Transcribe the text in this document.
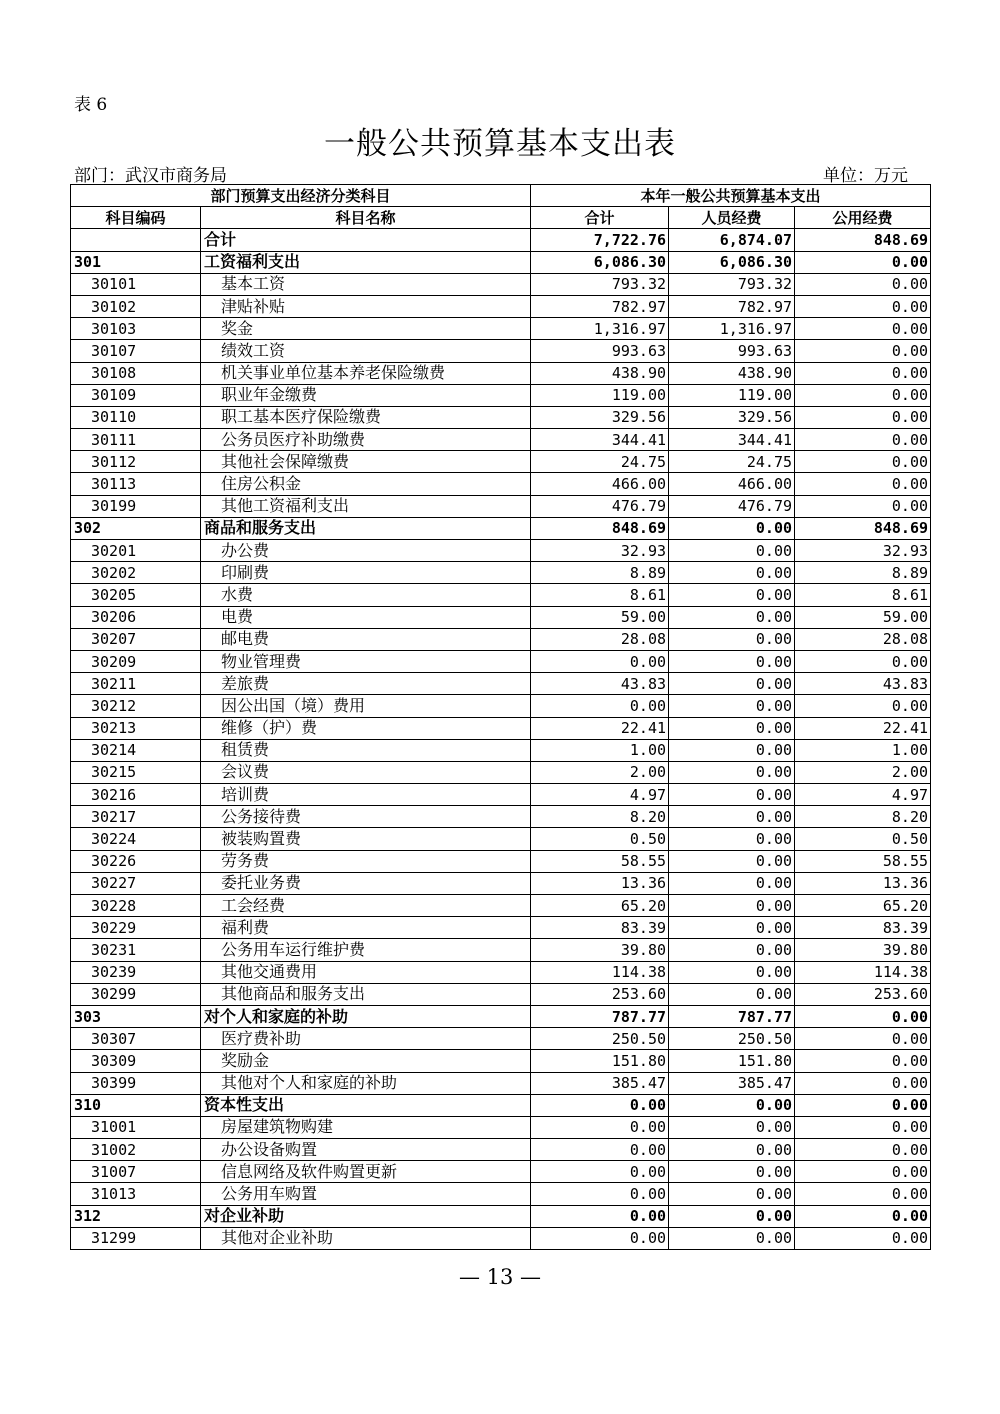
表 6
一般公共预算基本支出表
部门：武汉市商务局	单位：万元
部门预算支出经济分类科目		本年一般公共预算基本支出		
科目编码	科目名称	合计	人员经费	公用经费
	合计	7,722.76	6,874.07	848.69
301	工资福利支出	6,086.30	6,086.30	0.00
30101	基本工资	793.32	793.32	0.00
30102	津贴补贴	782.97	782.97	0.00
30103	奖金	1,316.97	1,316.97	0.00
30107	绩效工资	993.63	993.63	0.00
30108	机关事业单位基本养老保险缴费	438.90	438.90	0.00
30109	职业年金缴费	119.00	119.00	0.00
30110	职工基本医疗保险缴费	329.56	329.56	0.00
30111	公务员医疗补助缴费	344.41	344.41	0.00
30112	其他社会保障缴费	24.75	24.75	0.00
30113	住房公积金	466.00	466.00	0.00
30199	其他工资福利支出	476.79	476.79	0.00
302	商品和服务支出	848.69	0.00	848.69
30201	办公费	32.93	0.00	32.93
30202	印刷费	8.89	0.00	8.89
30205	水费	8.61	0.00	8.61
30206	电费	59.00	0.00	59.00
30207	邮电费	28.08	0.00	28.08
30209	物业管理费	0.00	0.00	0.00
30211	差旅费	43.83	0.00	43.83
30212	因公出国（境）费用	0.00	0.00	0.00
30213	维修（护）费	22.41	0.00	22.41
30214	租赁费	1.00	0.00	1.00
30215	会议费	2.00	0.00	2.00
30216	培训费	4.97	0.00	4.97
30217	公务接待费	8.20	0.00	8.20
30224	被装购置费	0.50	0.00	0.50
30226	劳务费	58.55	0.00	58.55
30227	委托业务费	13.36	0.00	13.36
30228	工会经费	65.20	0.00	65.20
30229	福利费	83.39	0.00	83.39
30231	公务用车运行维护费	39.80	0.00	39.80
30239	其他交通费用	114.38	0.00	114.38
30299	其他商品和服务支出	253.60	0.00	253.60
303	对个人和家庭的补助	787.77	787.77	0.00
30307	医疗费补助	250.50	250.50	0.00
30309	奖励金	151.80	151.80	0.00
30399	其他对个人和家庭的补助	385.47	385.47	0.00
310	资本性支出	0.00	0.00	0.00
31001	房屋建筑物购建	0.00	0.00	0.00
31002	办公设备购置	0.00	0.00	0.00
31007	信息网络及软件购置更新	0.00	0.00	0.00
31013	公务用车购置	0.00	0.00	0.00
312	对企业补助	0.00	0.00	0.00
31299	其他对企业补助	0.00	0.00	0.00
— 13 —
